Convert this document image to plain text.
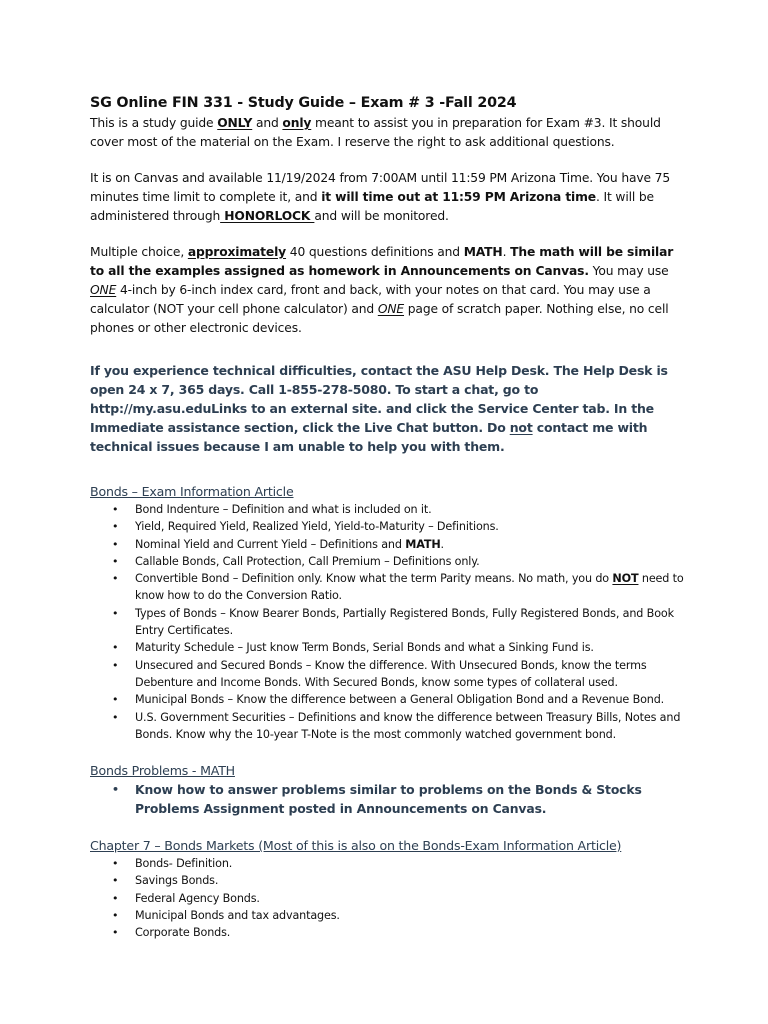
SG Online FIN 331 - Study Guide – Exam # 3 -Fall 2024

This is a study guide ONLY and only meant to assist you in preparation for Exam #3. It should cover most of the material on the Exam. I reserve the right to ask additional questions.

It is on Canvas and available 11/19/2024 from 7:00AM until 11:59 PM Arizona Time. You have 75 minutes time limit to complete it, and it will time out at 11:59 PM Arizona time. It will be administered through HONORLOCK and will be monitored.

Multiple choice, approximately 40 questions definitions and MATH. The math will be similar to all the examples assigned as homework in Announcements on Canvas. You may use ONE 4-inch by 6-inch index card, front and back, with your notes on that card. You may use a calculator (NOT your cell phone calculator) and ONE page of scratch paper. Nothing else, no cell phones or other electronic devices.

If you experience technical difficulties, contact the ASU Help Desk. The Help Desk is open 24 x 7, 365 days. Call 1-855-278-5080. To start a chat, go to http://my.asu.eduLinks to an external site. and click the Service Center tab. In the Immediate assistance section, click the Live Chat button. Do not contact me with technical issues because I am unable to help you with them.

Bonds – Exam Information Article
• Bond Indenture – Definition and what is included on it.
• Yield, Required Yield, Realized Yield, Yield-to-Maturity – Definitions.
• Nominal Yield and Current Yield – Definitions and MATH.
• Callable Bonds, Call Protection, Call Premium – Definitions only.
• Convertible Bond – Definition only. Know what the term Parity means. No math, you do NOT need to know how to do the Conversion Ratio.
• Types of Bonds – Know Bearer Bonds, Partially Registered Bonds, Fully Registered Bonds, and Book Entry Certificates.
• Maturity Schedule – Just know Term Bonds, Serial Bonds and what a Sinking Fund is.
• Unsecured and Secured Bonds – Know the difference. With Unsecured Bonds, know the terms Debenture and Income Bonds. With Secured Bonds, know some types of collateral used.
• Municipal Bonds – Know the difference between a General Obligation Bond and a Revenue Bond.
• U.S. Government Securities – Definitions and know the difference between Treasury Bills, Notes and Bonds. Know why the 10-year T-Note is the most commonly watched government bond.
Bonds Problems - MATH
• Know how to answer problems similar to problems on the Bonds & Stocks Problems Assignment posted in Announcements on Canvas.
Chapter 7 – Bonds Markets (Most of this is also on the Bonds-Exam Information Article)
• Bonds- Definition.
• Savings Bonds.
• Federal Agency Bonds.
• Municipal Bonds and tax advantages.
• Corporate Bonds.
